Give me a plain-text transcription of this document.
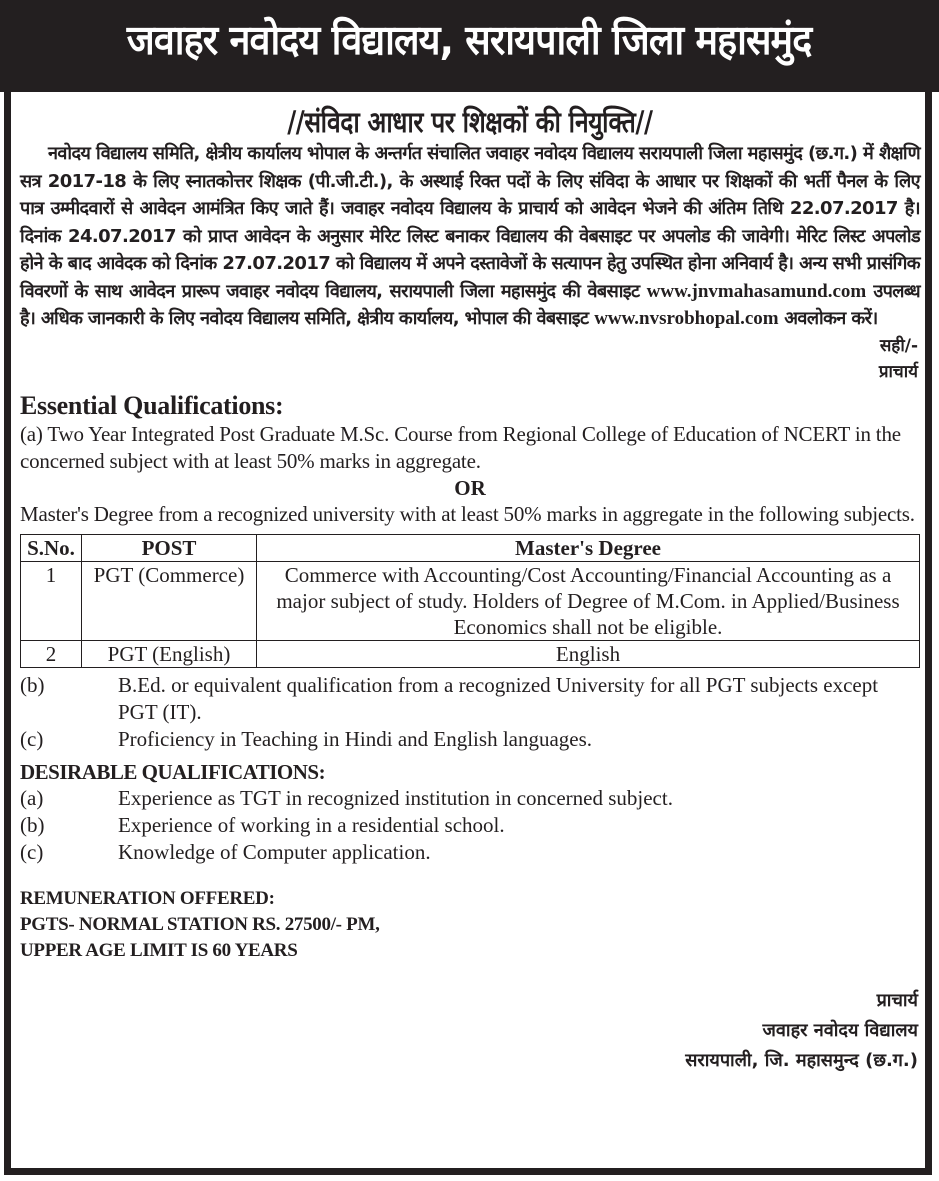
जवाहर नवोदय विद्यालय, सरायपाली जिला महासमुंद
//संविदा आधार पर शिक्षकों की नियुक्ति//

नवोदय विद्यालय समिति, क्षेत्रीय कार्यालय भोपाल के अन्तर्गत संचालित जवाहर नवोदय विद्यालय सरायपाली जिला महासमुंद (छ.ग.) में शैक्षणि सत्र 2017-18 के लिए स्नातकोत्तर शिक्षक (पी.जी.टी.), के अस्थाई रिक्त पदों के लिए संविदा के आधार पर शिक्षकों की भर्ती पैनल के लिए पात्र उम्मीदवारों से आवेदन आमंत्रित किए जाते हैं। जवाहर नवोदय विद्यालय के प्राचार्य को आवेदन भेजने की अंतिम तिथि 22.07.2017 है। दिनांक 24.07.2017 को प्राप्त आवेदन के अनुसार मेरिट लिस्ट बनाकर विद्यालय की वेबसाइट पर अपलोड की जावेगी। मेरिट लिस्ट अपलोड होने के बाद आवेदक को दिनांक 27.07.2017 को विद्यालय में अपने दस्तावेजों के सत्यापन हेतु उपस्थित होना अनिवार्य है। अन्य सभी प्रासंगिक विवरणों के साथ आवेदन प्रारूप जवाहर नवोदय विद्यालय, सरायपाली जिला महासमुंद की वेबसाइट www.jnvmahasamund.com उपलब्ध है। अधिक जानकारी के लिए नवोदय विद्यालय समिति, क्षेत्रीय कार्यालय, भोपाल की वेबसाइट www.nvsrobhopal.com अवलोकन करें।

सही/-
प्राचार्य
Essential Qualifications:
(a) Two Year Integrated Post Graduate M.Sc. Course from Regional College of Education of NCERT in the concerned subject with at least 50% marks in aggregate.
OR
Master's Degree from a recognized university with at least 50% marks in aggregate in the following subjects.
S.No.	POST	Master's Degree
1	PGT (Commerce)	Commerce with Accounting/Cost Accounting/Financial Accounting as a major subject of study. Holders of Degree of M.Com. in Applied/Business Economics shall not be eligible.
2	PGT (English)	English
(b)	B.Ed. or equivalent qualification from a recognized University for all PGT subjects except PGT (IT).
(c)	Proficiency in Teaching in Hindi and English languages.
DESIRABLE QUALIFICATIONS:
(a)	Experience as TGT in recognized institution in concerned subject.
(b)	Experience of working in a residential school.
(c)	Knowledge of Computer application.
REMUNERATION OFFERED:
PGTS- NORMAL STATION RS. 27500/- PM,
UPPER AGE LIMIT IS 60 YEARS
प्राचार्य
जवाहर नवोदय विद्यालय
सरायपाली, जि. महासमुन्द (छ.ग.)
